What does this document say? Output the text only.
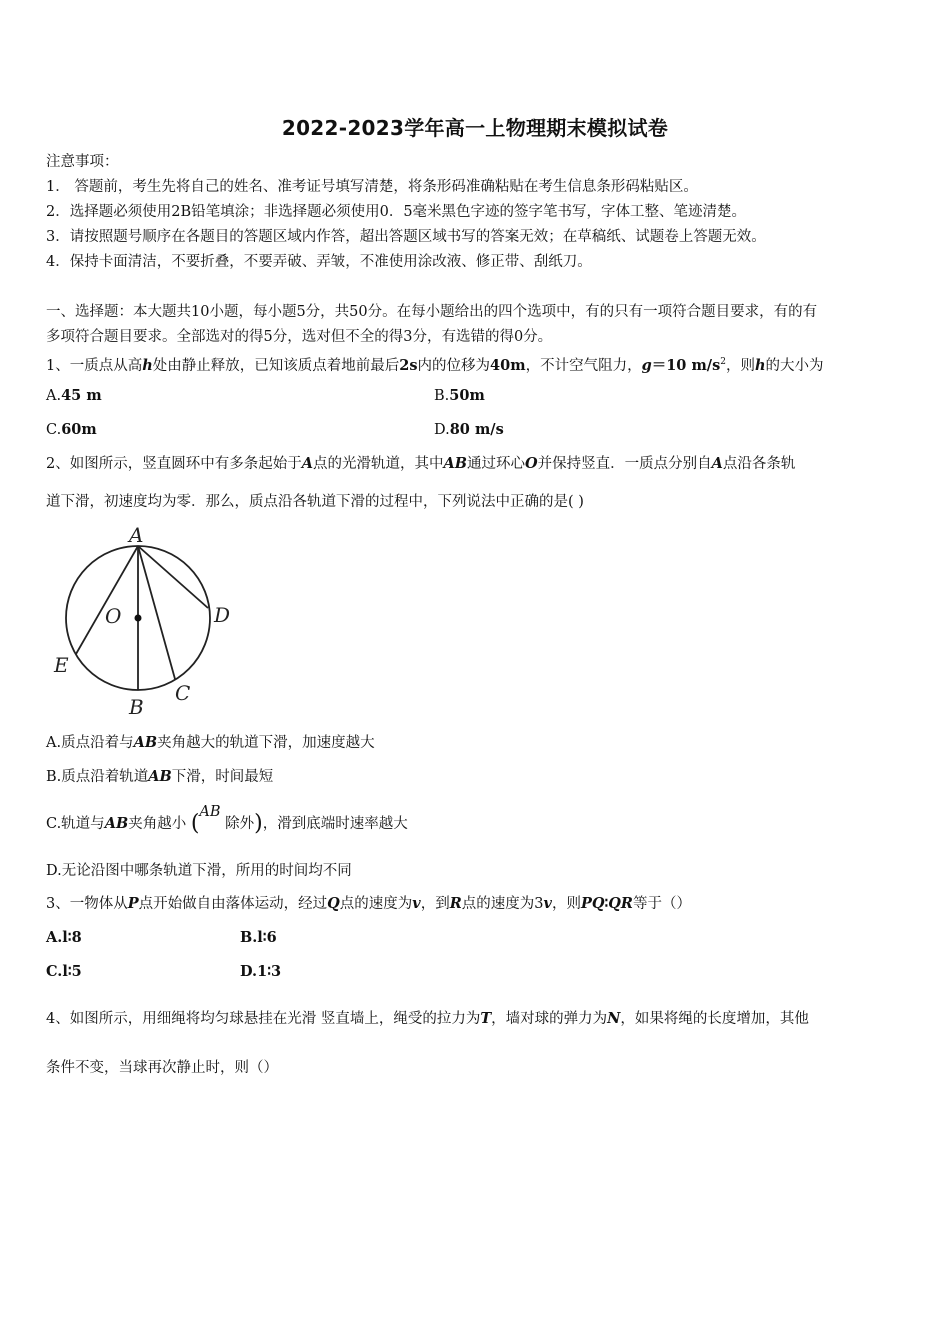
2022-2023学年高一上物理期末模拟试卷
注意事项：
1． 答题前，考生先将自己的姓名、准考证号填写清楚，将条形码准确粘贴在考生信息条形码粘贴区。
2．选择题必须使用2B铅笔填涂；非选择题必须使用0．5毫米黑色字迹的签字笔书写，字体工整、笔迹清楚。
3．请按照题号顺序在各题目的答题区域内作答，超出答题区域书写的答案无效；在草稿纸、试题卷上答题无效。
4．保持卡面清洁，不要折叠，不要弄破、弄皱，不准使用涂改液、修正带、刮纸刀。
一、选择题：本大题共10小题，每小题5分，共50分。在每小题给出的四个选项中，有的只有一项符合题目要求，有的有
多项符合题目要求。全部选对的得5分，选对但不全的得3分，有选错的得0分。
1、一质点从高h处由静止释放，已知该质点着地前最后2s内的位移为40m，不计空气阻力，g＝10 $m/s^2$，则h的大小为
A.45 m	B.50m
C.60m	D.80 m/s
2、如图所示，竖直圆环中有多条起始于A点的光滑轨道，其中AB通过环心O并保持竖直．一质点分别自A点沿各条轨
道下滑，初速度均为零．那么，质点沿各轨道下滑的过程中，下列说法中正确的是( )
A
O	D
E
C
B
A.质点沿着与AB夹角越大的轨道下滑，加速度越大
B.质点沿着轨道AB下滑，时间最短
C.轨道与AB夹角越小 (AB 除外)，滑到底端时速率越大
D.无论沿图中哪条轨道下滑，所用的时间均不同
3、一物体从P点开始做自由落体运动，经过Q点的速度为v，到R点的速度为3v，则PQ∶QR等于（）
A.l∶8	B.l∶6
C.l∶5	D.1∶3
4、如图所示，用细绳将均匀球悬挂在光滑 竖直墙上，绳受的拉力为T，墙对球的弹力为N，如果将绳的长度增加，其他
条件不变，当球再次静止时，则（）
